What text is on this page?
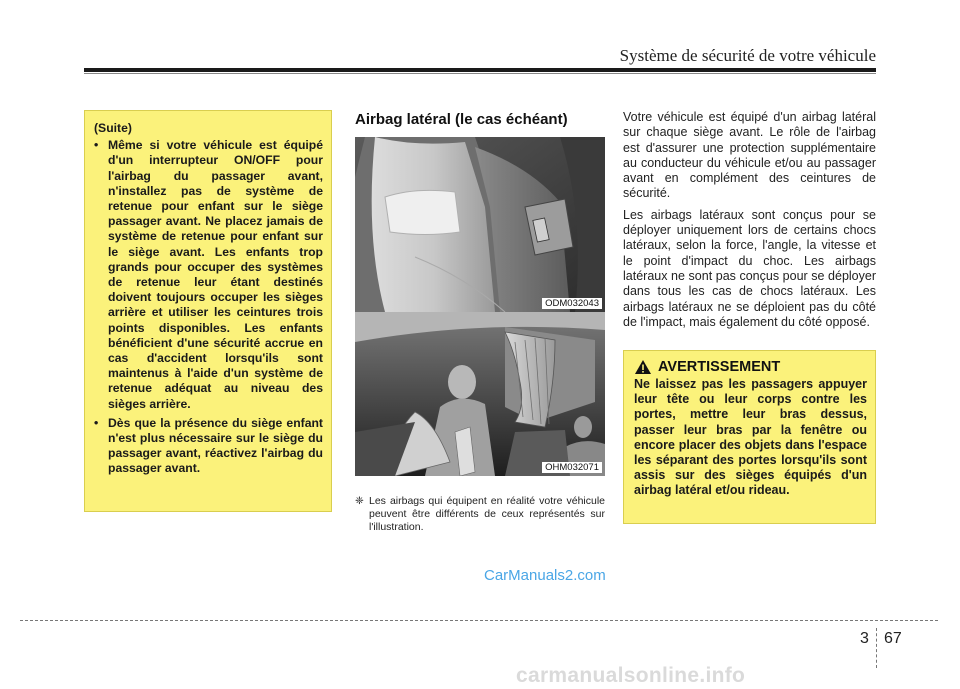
Système de sécurité de votre véhicule
(Suite)
• Même si votre véhicule est équipé d'un interrupteur ON/OFF pour l'airbag du passager avant, n'installez pas de système de retenue pour enfant sur le siège passager avant. Ne placez jamais de système de retenue pour enfant sur le siège avant. Les enfants trop grands pour occuper des systèmes de retenue leur étant destinés doivent toujours occuper les sièges arrière et utiliser les ceintures trois points disponibles. Les enfants bénéficient d'une sécurité accrue en cas d'accident lorsqu'ils sont maintenus à l'aide d'un système de retenue adéquat au niveau des sièges arrière.
• Dès que la présence du siège enfant n'est plus nécessaire sur le siège du passager avant, réactivez l'airbag du passager avant.
Airbag latéral (le cas échéant)
ODM032043
OHM032071
❈ Les airbags qui équipent en réalité votre véhicule peuvent être différents de ceux représentés sur l'illustration.

Votre véhicule est équipé d'un airbag latéral sur chaque siège avant. Le rôle de l'airbag est d'assurer une protection supplémentaire au conducteur du véhicule et/ou au passager avant en complément des ceintures de sécurité.

Les airbags latéraux sont conçus pour se déployer uniquement lors de certains chocs latéraux, selon la force, l'angle, la vitesse et le point d'impact du choc. Les airbags latéraux ne sont pas conçus pour se déployer dans tous les cas de chocs latéraux. Les airbags latéraux ne se déploient pas du côté de l'impact, mais également du côté opposé.

AVERTISSEMENT
Ne laissez pas les passagers appuyer leur tête ou leur corps contre les portes, mettre leur bras dessus, passer leur bras par la fenêtre ou encore placer des objets dans l'espace les séparant des portes lorsqu'ils sont assis sur des sièges équipés d'un airbag latéral et/ou rideau.
CarManuals2.com
3 67
carmanualsonline.info
